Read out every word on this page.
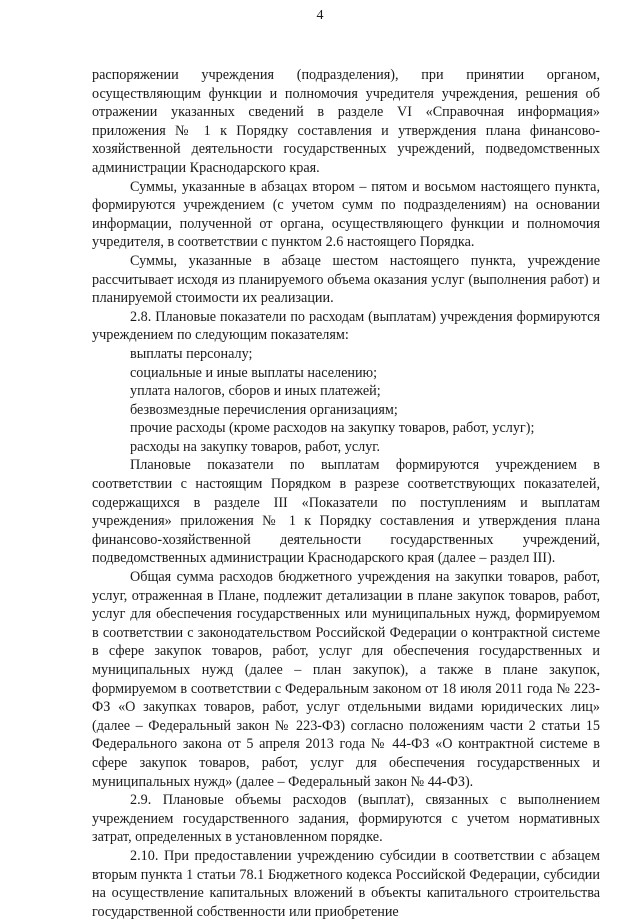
4

распоряжении учреждения (подразделения), при принятии органом, осуществляющим функции и полномочия учредителя учреждения, решения об отражении указанных сведений в разделе VI «Справочная информация» приложения № 1 к Порядку составления и утверждения плана финансово-хозяйственной деятельности государственных учреждений, подведомственных администрации Краснодарского края.

Суммы, указанные в абзацах втором – пятом и восьмом настоящего пункта, формируются учреждением (с учетом сумм по подразделениям) на основании информации, полученной от органа, осуществляющего функции и полномочия учредителя, в соответствии с пунктом 2.6 настоящего Порядка.

Суммы, указанные в абзаце шестом настоящего пункта, учреждение рассчитывает исходя из планируемого объема оказания услуг (выполнения работ) и планируемой стоимости их реализации.

2.8. Плановые показатели по расходам (выплатам) учреждения формируются учреждением по следующим показателям:

выплаты персоналу;

социальные и иные выплаты населению;

уплата налогов, сборов и иных платежей;

безвозмездные перечисления организациям;

прочие расходы (кроме расходов на закупку товаров, работ, услуг);

расходы на закупку товаров, работ, услуг.

Плановые показатели по выплатам формируются учреждением в соответствии с настоящим Порядком в разрезе соответствующих показателей, содержащихся в разделе III «Показатели по поступлениям и выплатам учреждения» приложения № 1 к Порядку составления и утверждения плана финансово-хозяйственной деятельности государственных учреждений, подведомственных администрации Краснодарского края (далее – раздел III).

Общая сумма расходов бюджетного учреждения на закупки товаров, работ, услуг, отраженная в Плане, подлежит детализации в плане закупок товаров, работ, услуг для обеспечения государственных или муниципальных нужд, формируемом в соответствии с законодательством Российской Федерации о контрактной системе в сфере закупок товаров, работ, услуг для обеспечения государственных и муниципальных нужд (далее – план закупок), а также в плане закупок, формируемом в соответствии с Федеральным законом от 18 июля 2011 года № 223-ФЗ «О закупках товаров, работ, услуг отдельными видами юридических лиц» (далее – Федеральный закон № 223-ФЗ) согласно положениям части 2 статьи 15 Федерального закона от 5 апреля 2013 года № 44-ФЗ «О контрактной системе в сфере закупок товаров, работ, услуг для обеспечения государственных и муниципальных нужд» (далее – Федеральный закон № 44-ФЗ).

2.9. Плановые объемы расходов (выплат), связанных с выполнением учреждением государственного задания, формируются с учетом нормативных затрат, определенных в установленном порядке.

2.10. При предоставлении учреждению субсидии в соответствии с абзацем вторым пункта 1 статьи 78.1 Бюджетного кодекса Российской Федерации, субсидии на осуществление капитальных вложений в объекты капитального строительства государственной собственности или приобретение
